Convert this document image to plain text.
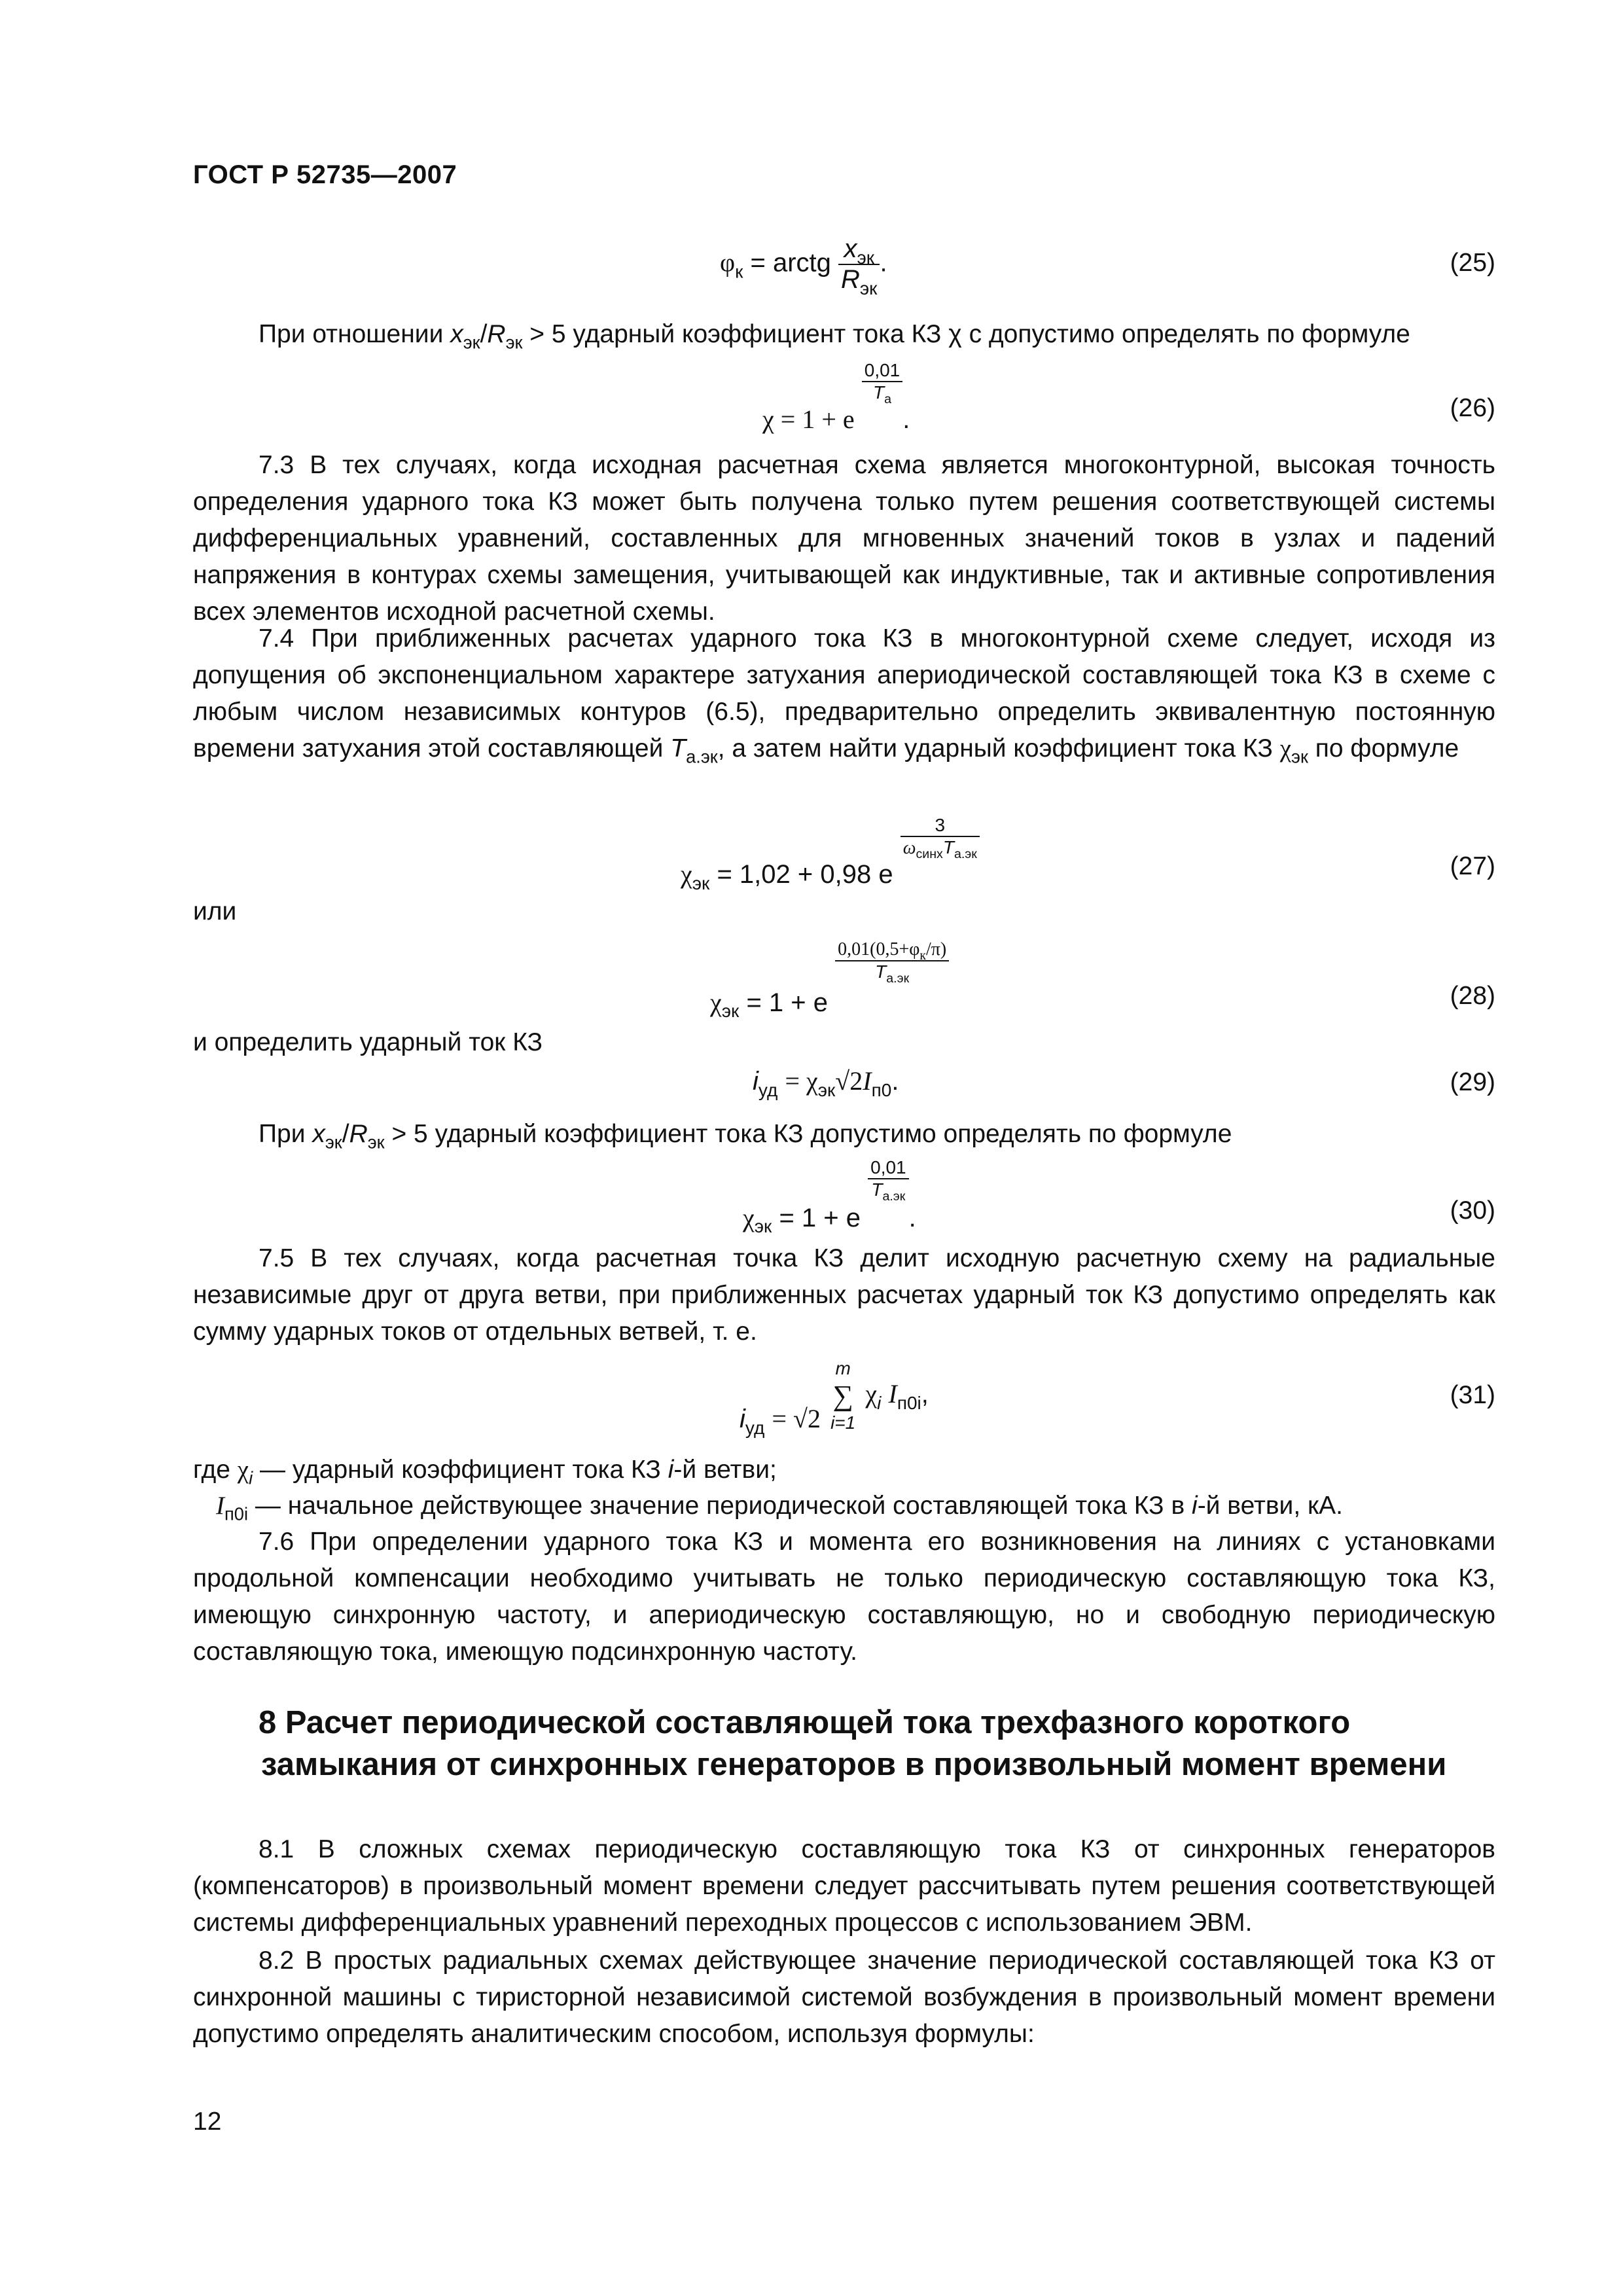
ГОСТ Р 52735—2007
$\varphi_к$ = arctg $\frac{x_{эк}}{R_{эк}}$ .	(25)
При отношении $x_{эк}/R_{эк} > 5$ ударный коэффициент тока КЗ χ с допустимо определять по формуле
χ = 1 + e
$\frac{0,01}{T_a}$
.	(26)
7.3 В тех случаях, когда исходная расчетная схема является многоконтурной, высокая точность определения ударного тока КЗ может быть получена только путем решения соответствующей системы дифференциальных уравнений, составленных для мгновенных значений токов в узлах и падений напряжения в контурах схемы замещения, учитывающей как индуктивные, так и активные сопротивления всех элементов исходной расчетной схемы.
7.4 При приближенных расчетах ударного тока КЗ в многоконтурной схеме следует, исходя из допущения об экспоненциальном характере затухания апериодической составляющей тока КЗ в схеме с любым числом независимых контуров (6.5), предварительно определить эквивалентную постоянную времени затухания этой составляющей $T_{а.эк}$, а затем найти ударный коэффициент тока КЗ $\chi_{эк}$ по формуле
$\chi_{эк} = 1,02 + 0,98$ e
$\frac{3}{\omega_{синх}T_{а.эк}}$
(27)
или
$\chi_{эк} = 1 + e$
$\frac{0,01(0,5+\varphi_к/\pi)}{T_{а.эк}}$
(28)
и определить ударный ток КЗ
$i_{уд} = \chi_{эк}√2I_{п0}$.	(29)
При $x_{эк}/R_{эк} > 5$ ударный коэффициент тока КЗ допустимо определять по формуле
$\chi_{эк} = 1 + e$
$\frac{0,01}{T_{а.эк}}$
.	(30)
7.5 В тех случаях, когда расчетная точка КЗ делит исходную расчетную схему на радиальные независимые друг от друга ветви, при приближенных расчетах ударный ток КЗ допустимо определять как сумму ударных токов от отдельных ветвей, т. е.
$i_{уд} = √2$
m
∑
i=1
$\chi_i$ $I_{п0i}$,	(31)
где $\chi_i$ — ударный коэффициент тока КЗ i-й ветви;
$I_{п0i}$ — начальное действующее значение периодической составляющей тока КЗ в i-й ветви, кА.
7.6 При определении ударного тока КЗ и момента его возникновения на линиях с установками продольной компенсации необходимо учитывать не только периодическую составляющую тока КЗ, имеющую синхронную частоту, и апериодическую составляющую, но и свободную периодическую составляющую тока, имеющую подсинхронную частоту.
8 Расчет периодической составляющей тока трехфазного короткого
замыкания от синхронных генераторов в произвольный момент времени
8.1 В сложных схемах периодическую составляющую тока КЗ от синхронных генераторов (компенсаторов) в произвольный момент времени следует рассчитывать путем решения соответствующей системы дифференциальных уравнений переходных процессов с использованием ЭВМ.
8.2 В простых радиальных схемах действующее значение периодической составляющей тока КЗ от синхронной машины с тиристорной независимой системой возбуждения в произвольный момент времени допустимо определять аналитическим способом, используя формулы:
12
